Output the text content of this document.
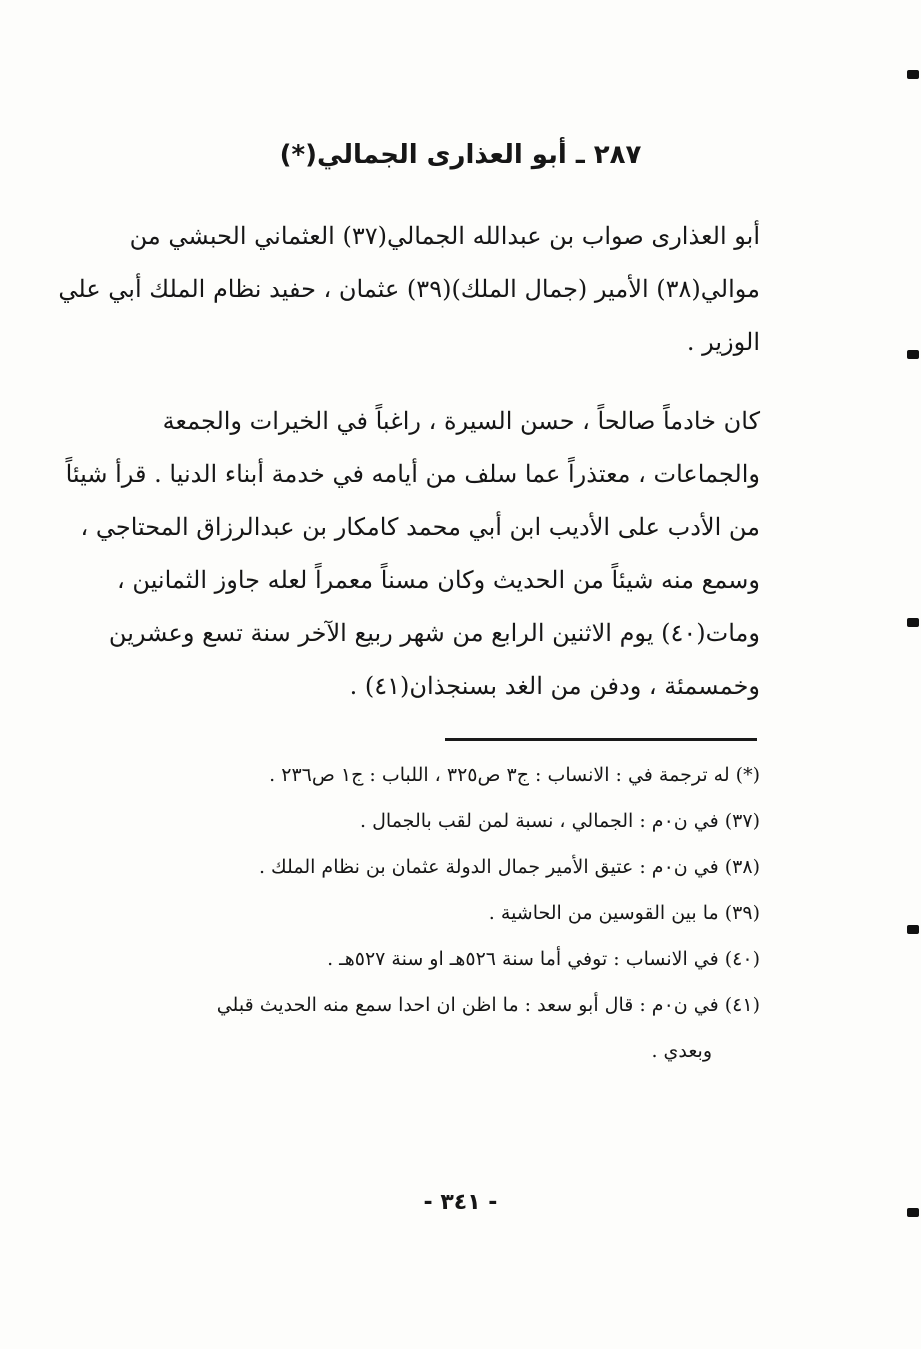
٢٨٧ ـ أبو العذارى الجمالي(*)
أبو العذارى صواب بن عبدالله الجمالي(٣٧) العثماني الحبشي من
موالي(٣٨) الأمير (جمال الملك)(٣٩) عثمان ، حفيد نظام الملك أبي علي
الوزير .
كان خادماً صالحاً ، حسن السيرة ، راغباً في الخيرات والجمعة
والجماعات ، معتذراً عما سلف من أيامه في خدمة أبناء الدنيا . قرأ شيئاً
من الأدب على الأديب ابن أبي محمد كامكار بن عبدالرزاق المحتاجي ،
وسمع منه شيئاً من الحديث وكان مسناً معمراً لعله جاوز الثمانين ،
ومات(٤٠) يوم الاثنين الرابع من شهر ربيع الآخر سنة تسع وعشرين
وخمسمئة ، ودفن من الغد بسنجذان(٤١) .
(*) له ترجمة في : الانساب : ج٣ ص٣٢٥ ، اللباب : ج١ ص٢٣٦ .
(٣٧) في ن٠م : الجمالي ، نسبة لمن لقب بالجمال .
(٣٨) في ن٠م : عتيق الأمير جمال الدولة عثمان بن نظام الملك .
(٣٩) ما بين القوسين من الحاشية .
(٤٠) في الانساب : توفي أما سنة ٥٢٦هـ او سنة ٥٢٧هـ .
(٤١) في ن٠م : قال أبو سعد : ما اظن ان احدا سمع منه الحديث قبلي
وبعدي .
- ٣٤١ -
